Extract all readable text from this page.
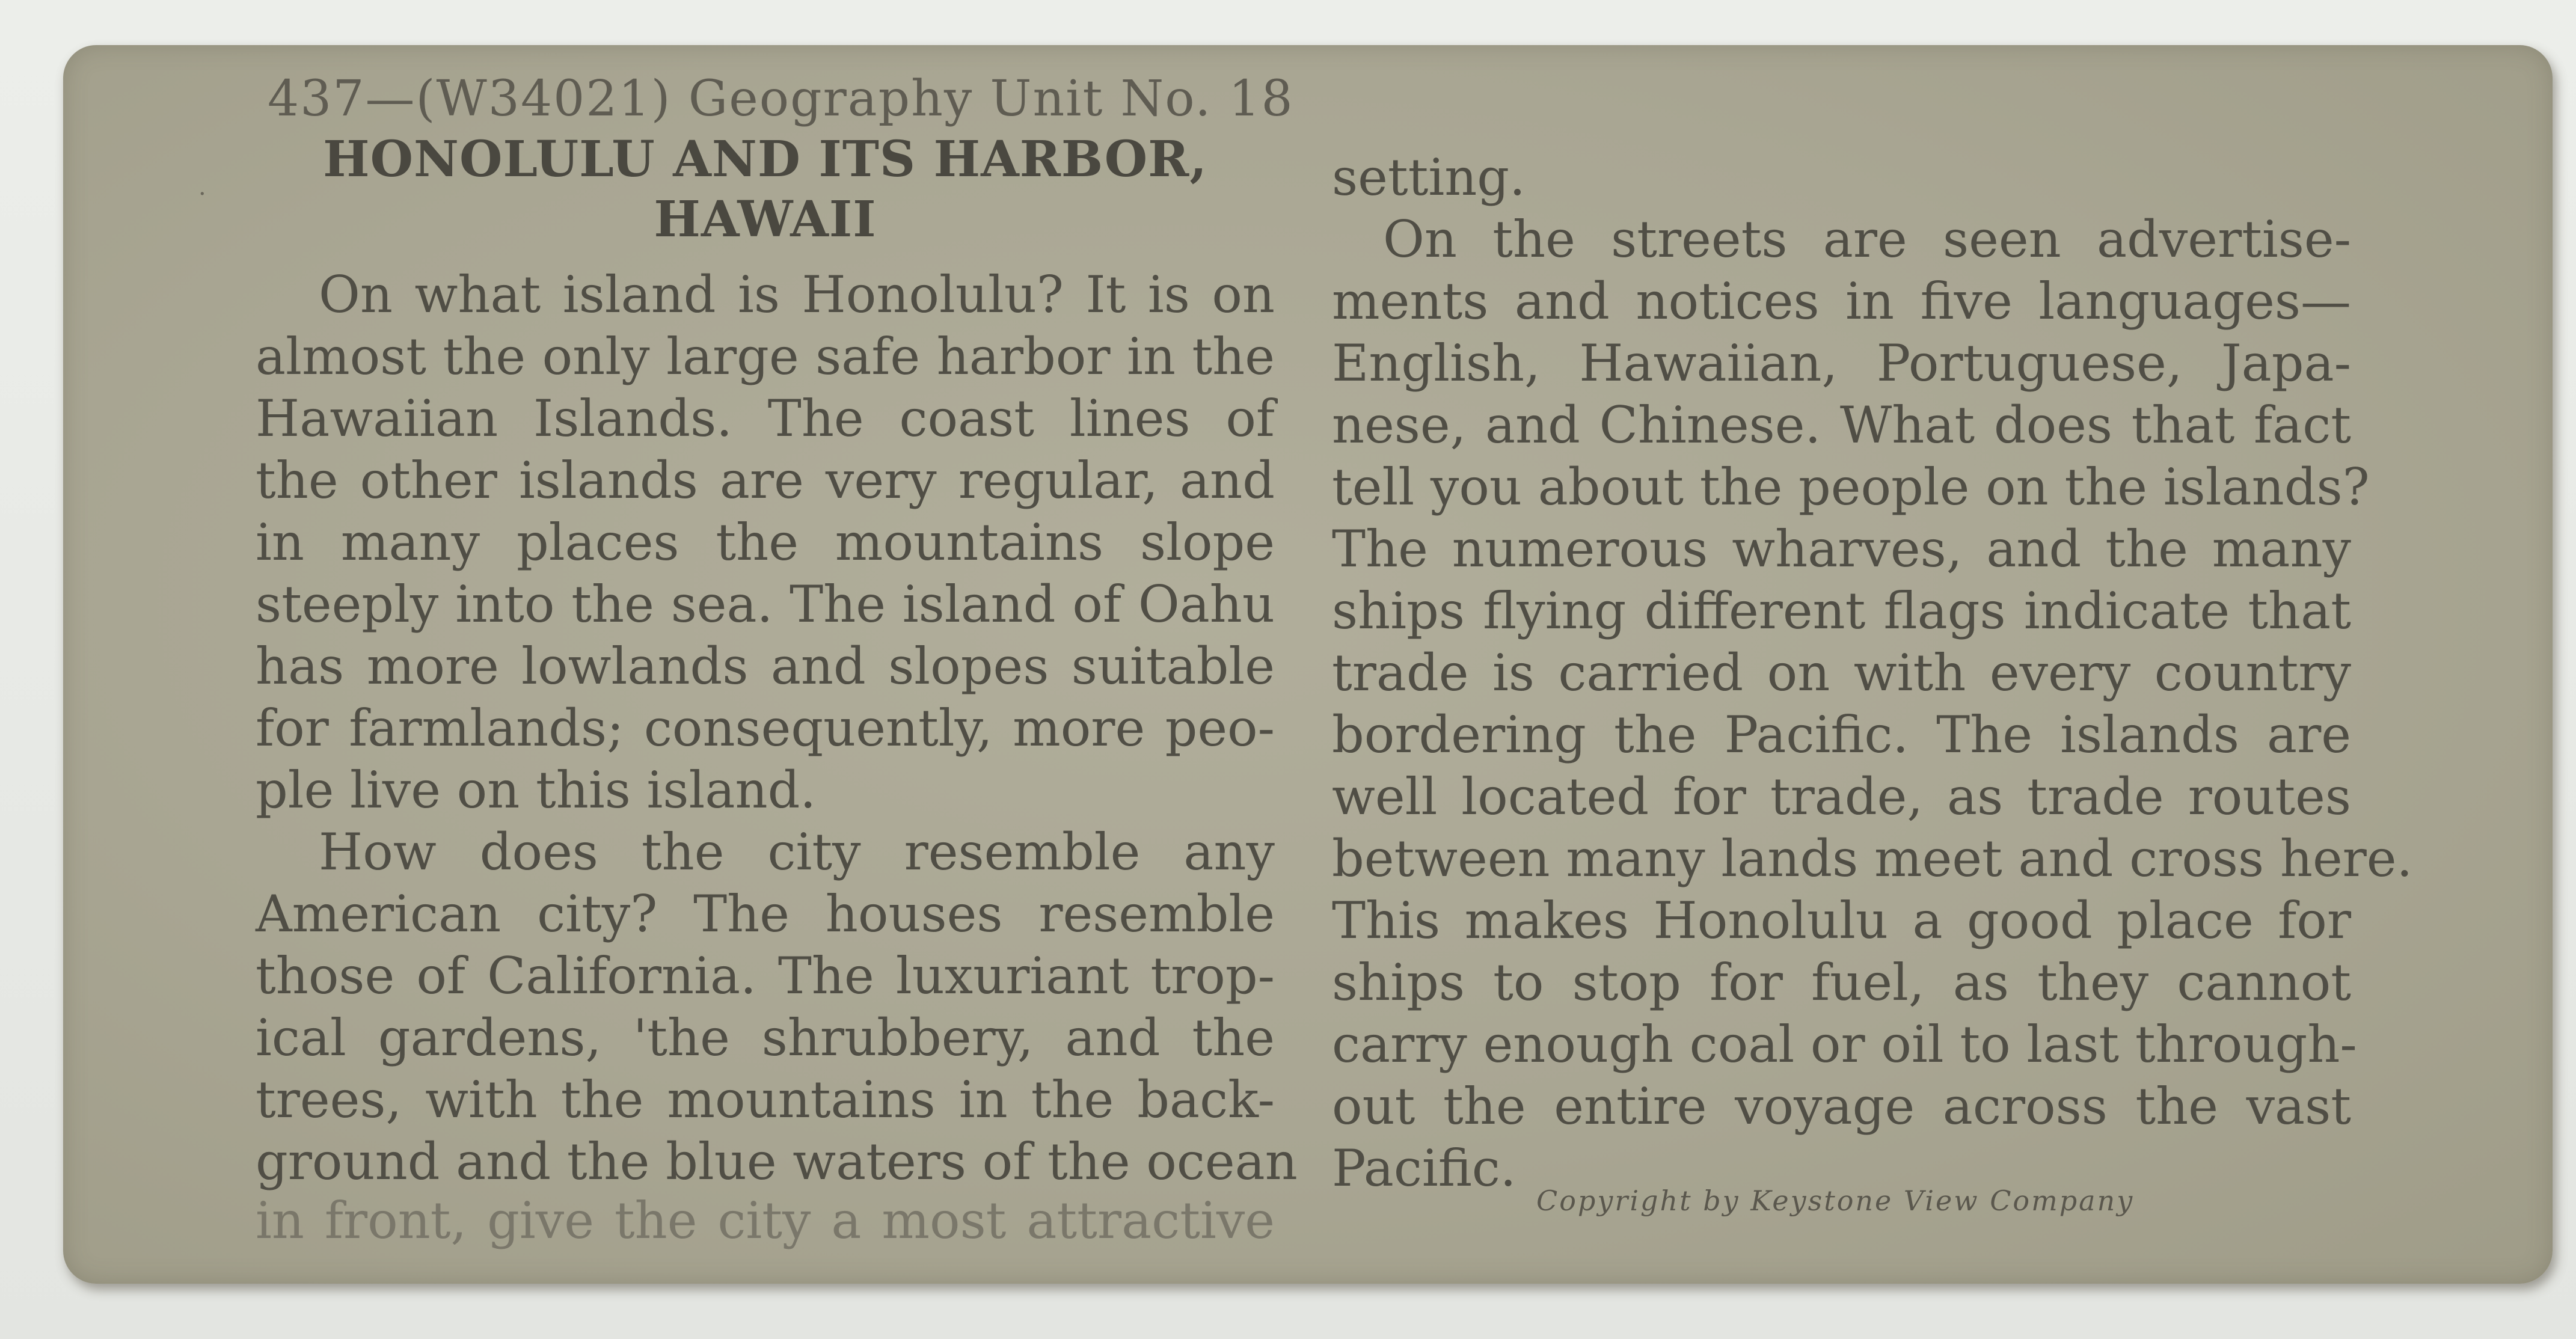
·
437—(W34021) Geography Unit No. 18
HONOLULU AND ITS HARBOR,
HAWAII
On what island is Honolulu? It is on
almost the only large safe harbor in the
Hawaiian Islands. The coast lines of
the other islands are very regular, and
in many places the mountains slope
steeply into the sea. The island of Oahu
has more lowlands and slopes suitable
for farmlands; consequently, more peo-
ple live on this island.
How does the city resemble any
American city? The houses resemble
those of California. The luxuriant trop-
ical gardens, 'the shrubbery, and the
trees, with the mountains in the back-
ground and the blue waters of the ocean
in front, give the city a most attractive
setting.
On the streets are seen advertise-
ments and notices in five languages—
English, Hawaiian, Portuguese, Japa-
nese, and Chinese. What does that fact
tell you about the people on the islands?
The numerous wharves, and the many
ships flying different flags indicate that
trade is carried on with every country
bordering the Pacific. The islands are
well located for trade, as trade routes
between many lands meet and cross here.
This makes Honolulu a good place for
ships to stop for fuel, as they cannot
carry enough coal or oil to last through-
out the entire voyage across the vast
Pacific.
Copyright by Keystone View Company
